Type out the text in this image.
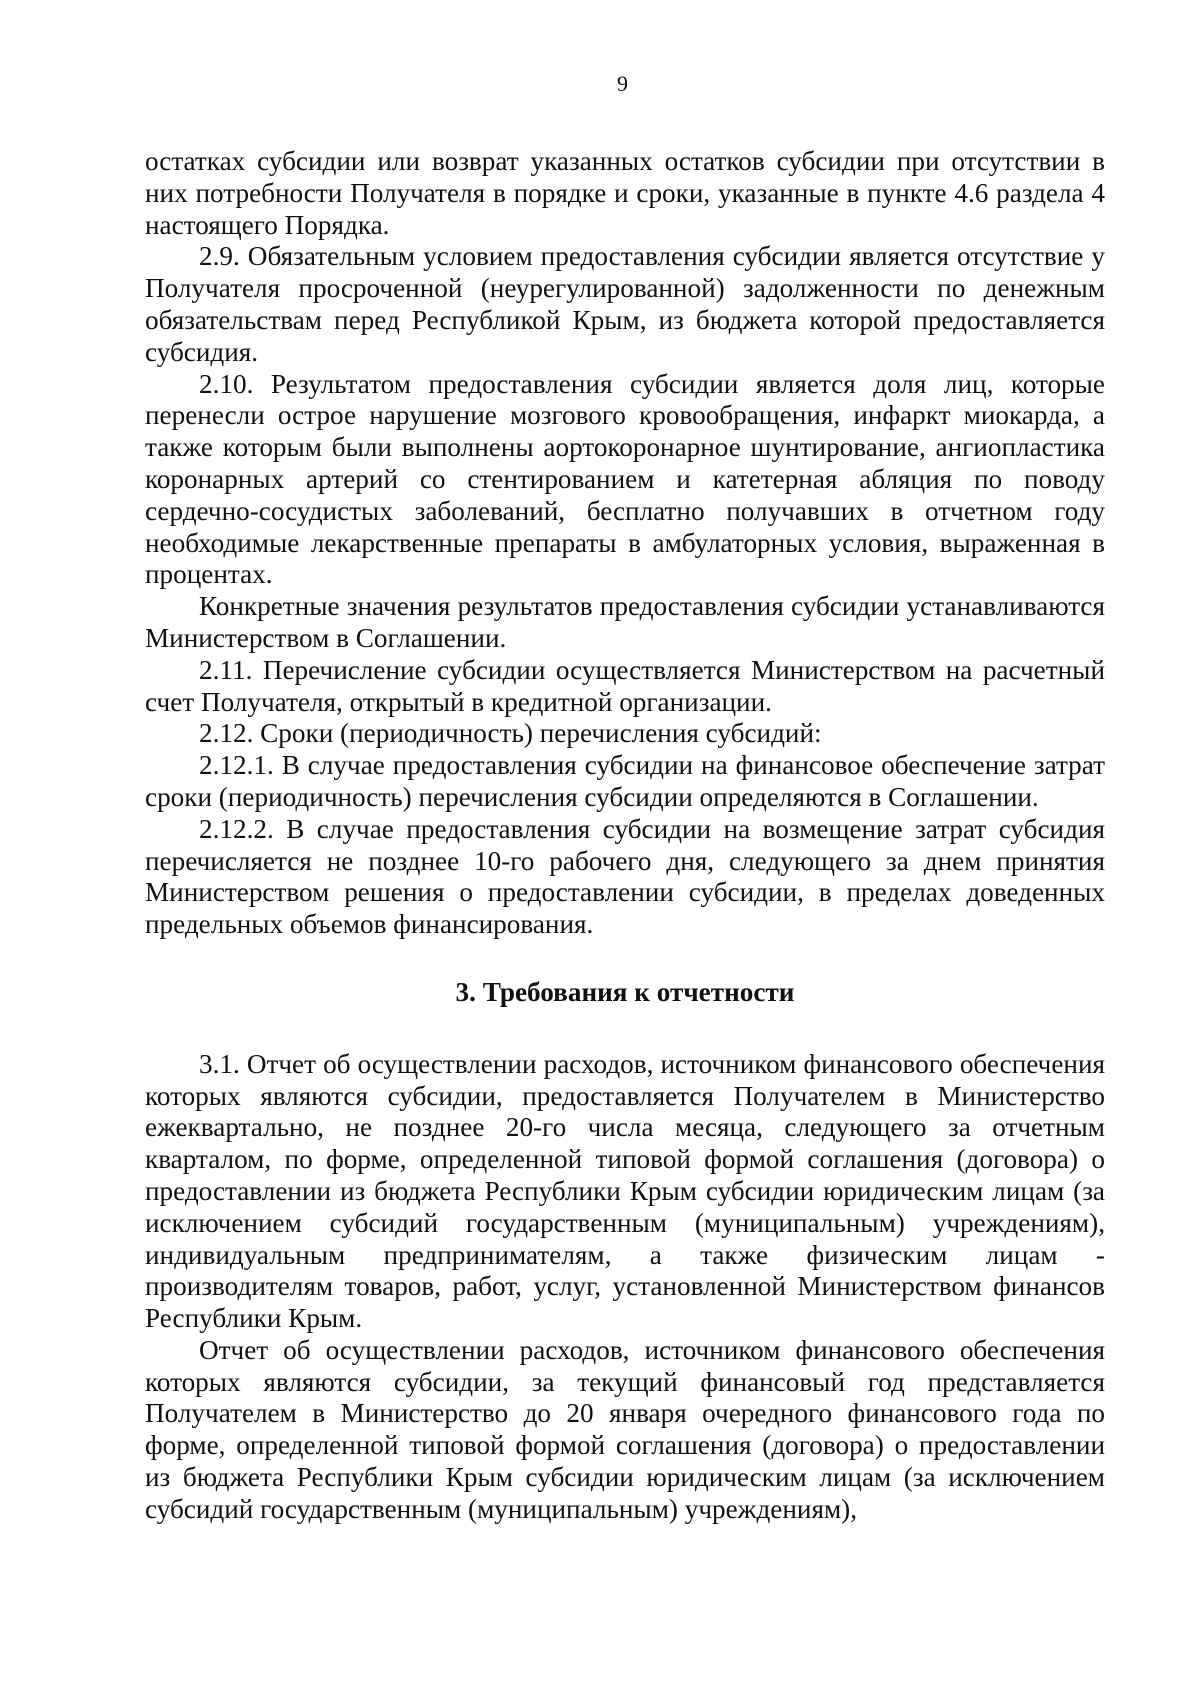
9

остатках субсидии или возврат указанных остатков субсидии при отсутствии в них потребности Получателя в порядке и сроки, указанные в пункте 4.6 раздела 4 настоящего Порядка.

2.9. Обязательным условием предоставления субсидии является отсутствие у Получателя просроченной (неурегулированной) задолженности по денежным обязательствам перед Республикой Крым, из бюджета которой предоставляется субсидия.

2.10. Результатом предоставления субсидии является доля лиц, которые перенесли острое нарушение мозгового кровообращения, инфаркт миокарда, а также которым были выполнены аортокоронарное шунтирование, ангиопластика коронарных артерий со стентированием и катетерная абляция по поводу сердечно-сосудистых заболеваний, бесплатно получавших в отчетном году необходимые лекарственные препараты в амбулаторных условия, выраженная в процентах.

Конкретные значения результатов предоставления субсидии устанавливаются Министерством в Соглашении.

2.11. Перечисление субсидии осуществляется Министерством на расчетный счет Получателя, открытый в кредитной организации.

2.12. Сроки (периодичность) перечисления субсидий:

2.12.1. В случае предоставления субсидии на финансовое обеспечение затрат сроки (периодичность) перечисления субсидии определяются в Соглашении.

2.12.2. В случае предоставления субсидии на возмещение затрат субсидия перечисляется не позднее 10-го рабочего дня, следующего за днем принятия Министерством решения о предоставлении субсидии, в пределах доведенных предельных объемов финансирования.

3. Требования к отчетности

3.1. Отчет об осуществлении расходов, источником финансового обеспечения которых являются субсидии, предоставляется Получателем в Министерство ежеквартально, не позднее 20-го числа месяца, следующего за отчетным кварталом, по форме, определенной типовой формой соглашения (договора) о предоставлении из бюджета Республики Крым субсидии юридическим лицам (за исключением субсидий государственным (муниципальным) учреждениям), индивидуальным предпринимателям, а также физическим лицам - производителям товаров, работ, услуг, установленной Министерством финансов Республики Крым.

Отчет об осуществлении расходов, источником финансового обеспечения которых являются субсидии, за текущий финансовый год представляется Получателем в Министерство до 20 января очередного финансового года по форме, определенной типовой формой соглашения (договора) о предоставлении из бюджета Республики Крым субсидии юридическим лицам (за исключением субсидий государственным (муниципальным) учреждениям),
